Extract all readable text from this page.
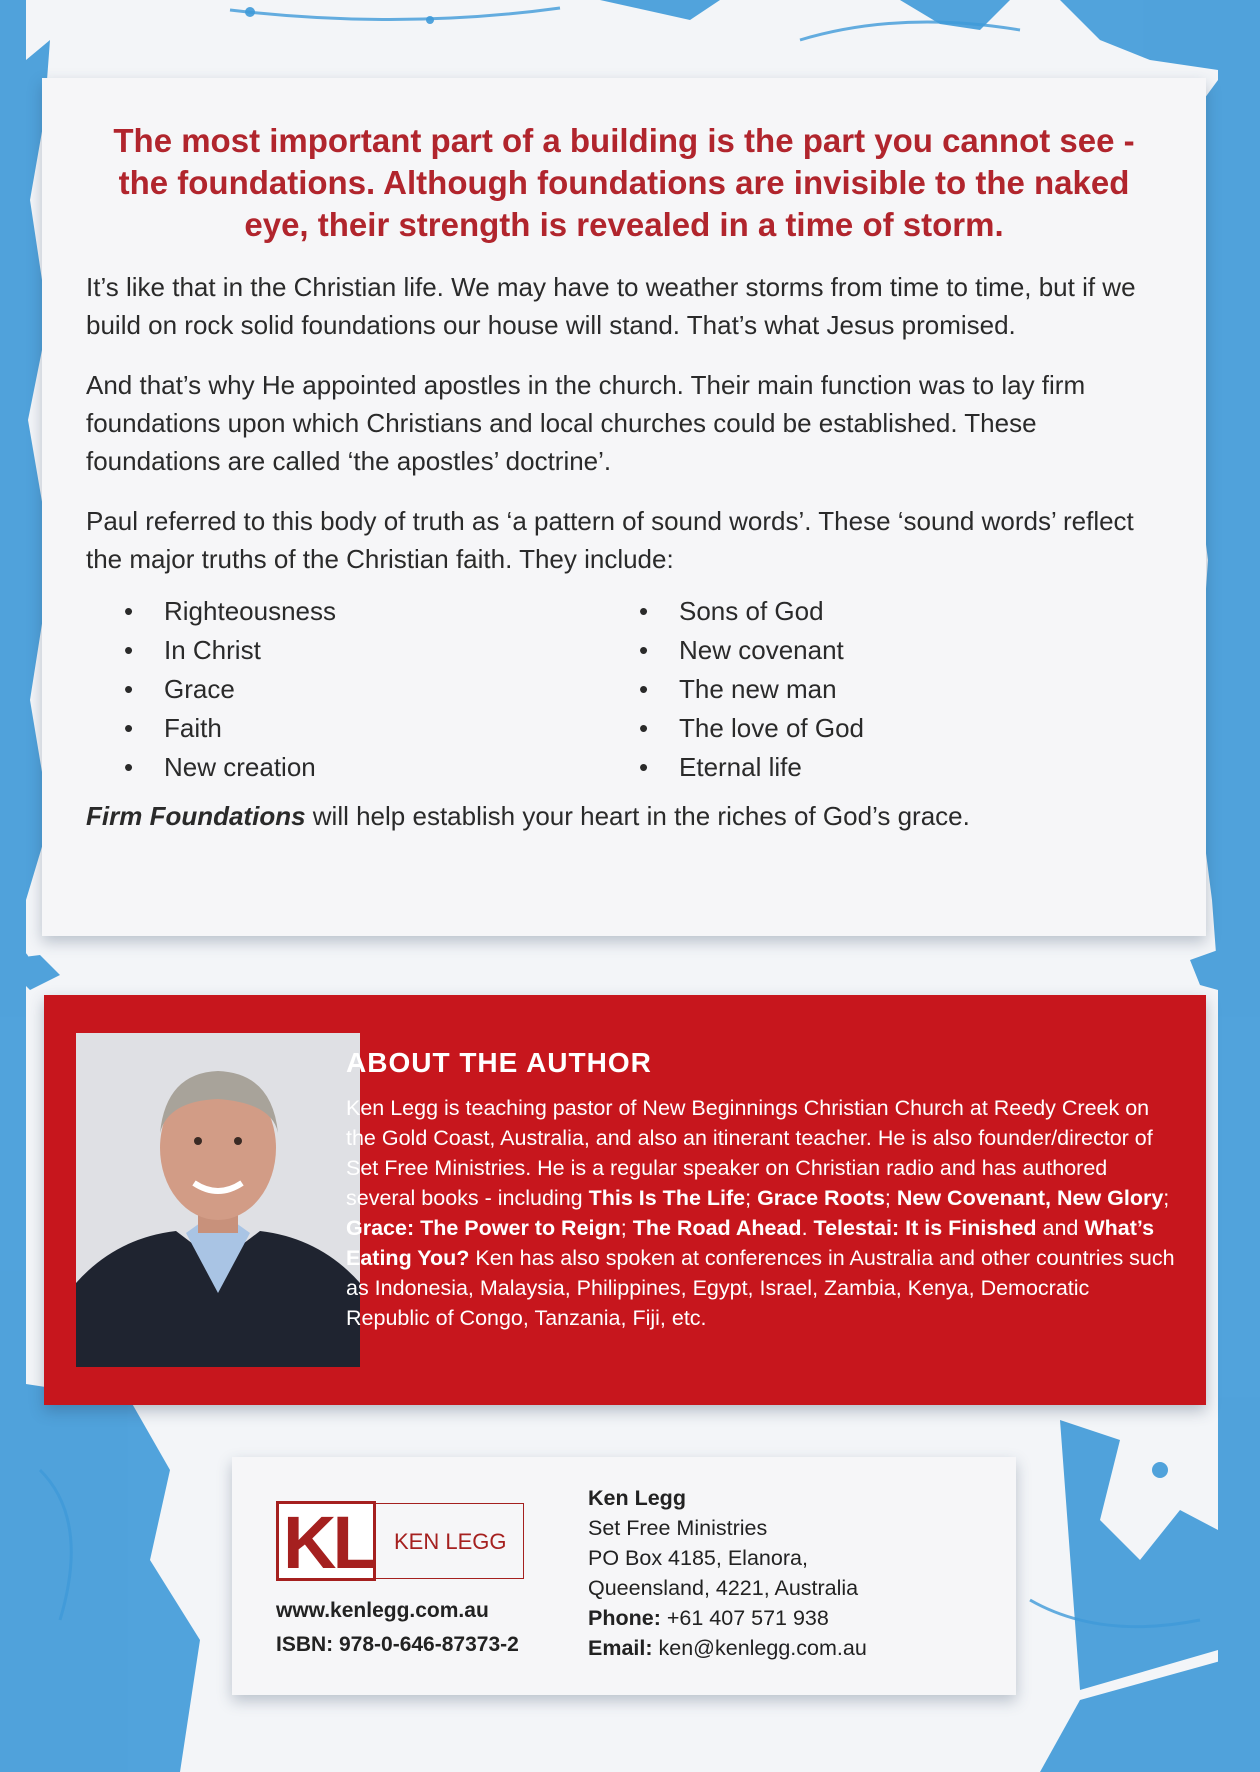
The most important part of a building is the part you cannot see - the foundations. Although foundations are invisible to the naked eye, their strength is revealed in a time of storm.

It’s like that in the Christian life. We may have to weather storms from time to time, but if we build on rock solid foundations our house will stand. That’s what Jesus promised.

And that’s why He appointed apostles in the church. Their main function was to lay firm foundations upon which Christians and local churches could be established. These foundations are called ‘the apostles’ doctrine’.

Paul referred to this body of truth as ‘a pattern of sound words’. These ‘sound words’ reflect the major truths of the Christian faith. They include:

• Righteousness
• In Christ
• Grace
• Faith
• New creation
• Sons of God
• New covenant
• The new man
• The love of God
• Eternal life

Firm Foundations will help establish your heart in the riches of God’s grace.

ABOUT THE AUTHOR

Ken Legg is teaching pastor of New Beginnings Christian Church at Reedy Creek on the Gold Coast, Australia, and also an itinerant teacher. He is also founder/director of Set Free Ministries. He is a regular speaker on Christian radio and has authored several books - including This Is The Life; Grace Roots; New Covenant, New Glory; Grace: The Power to Reign; The Road Ahead. Telestai: It is Finished and What’s Eating You? Ken has also spoken at conferences in Australia and other countries such as Indonesia, Malaysia, Philippines, Egypt, Israel, Zambia, Kenya, Democratic Republic of Congo, Tanzania, Fiji, etc.

KL KEN LEGG
www.kenlegg.com.au
ISBN: 978-0-646-87373-2
Ken Legg
Set Free Ministries
PO Box 4185, Elanora,
Queensland, 4221, Australia
Phone: +61 407 571 938
Email: ken@kenlegg.com.au
